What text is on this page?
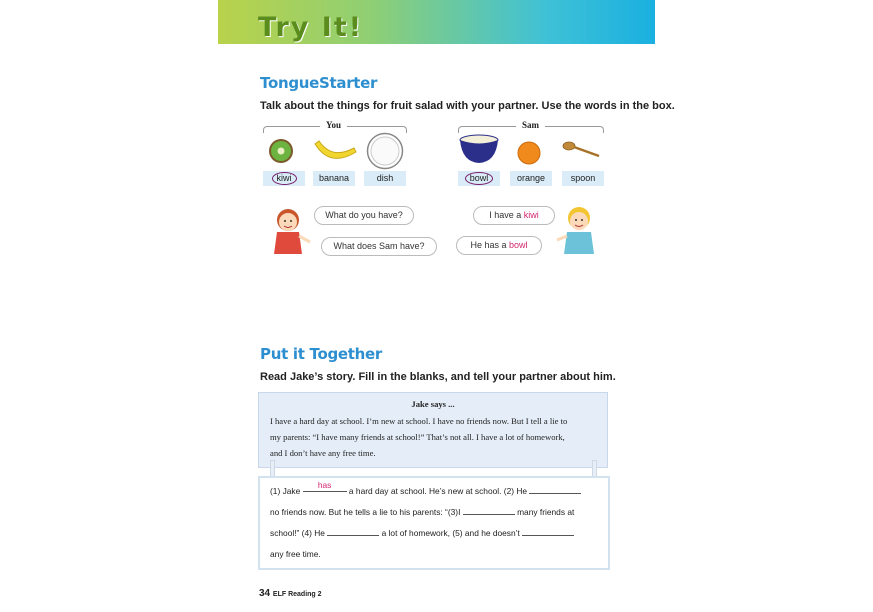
Try It!
TongueStarter
Talk about the things for fruit salad with your partner. Use the words in the box.
You
kiwi	banana	dish
Sam
bowl	orange	spoon
What do you have?
What does Sam have?
I have a kiwi
He has a bowl
Put it Together
Read Jake’s story. Fill in the blanks, and tell your partner about him.
Jake says ...
I have a hard day at school. I’m new at school. I have no friends now. But I tell a lie to
my parents: “I have many friends at school!” That’s not all. I have a lot of homework,
and I don’t have any free time.
(1) Jake has a hard day at school. He’s new at school. (2) He
no friends now. But he tells a lie to his parents: “(3)I	many friends at
school!” (4) He	a lot of homework, (5) and he doesn’t
any free time.
34 ELF Reading 2
